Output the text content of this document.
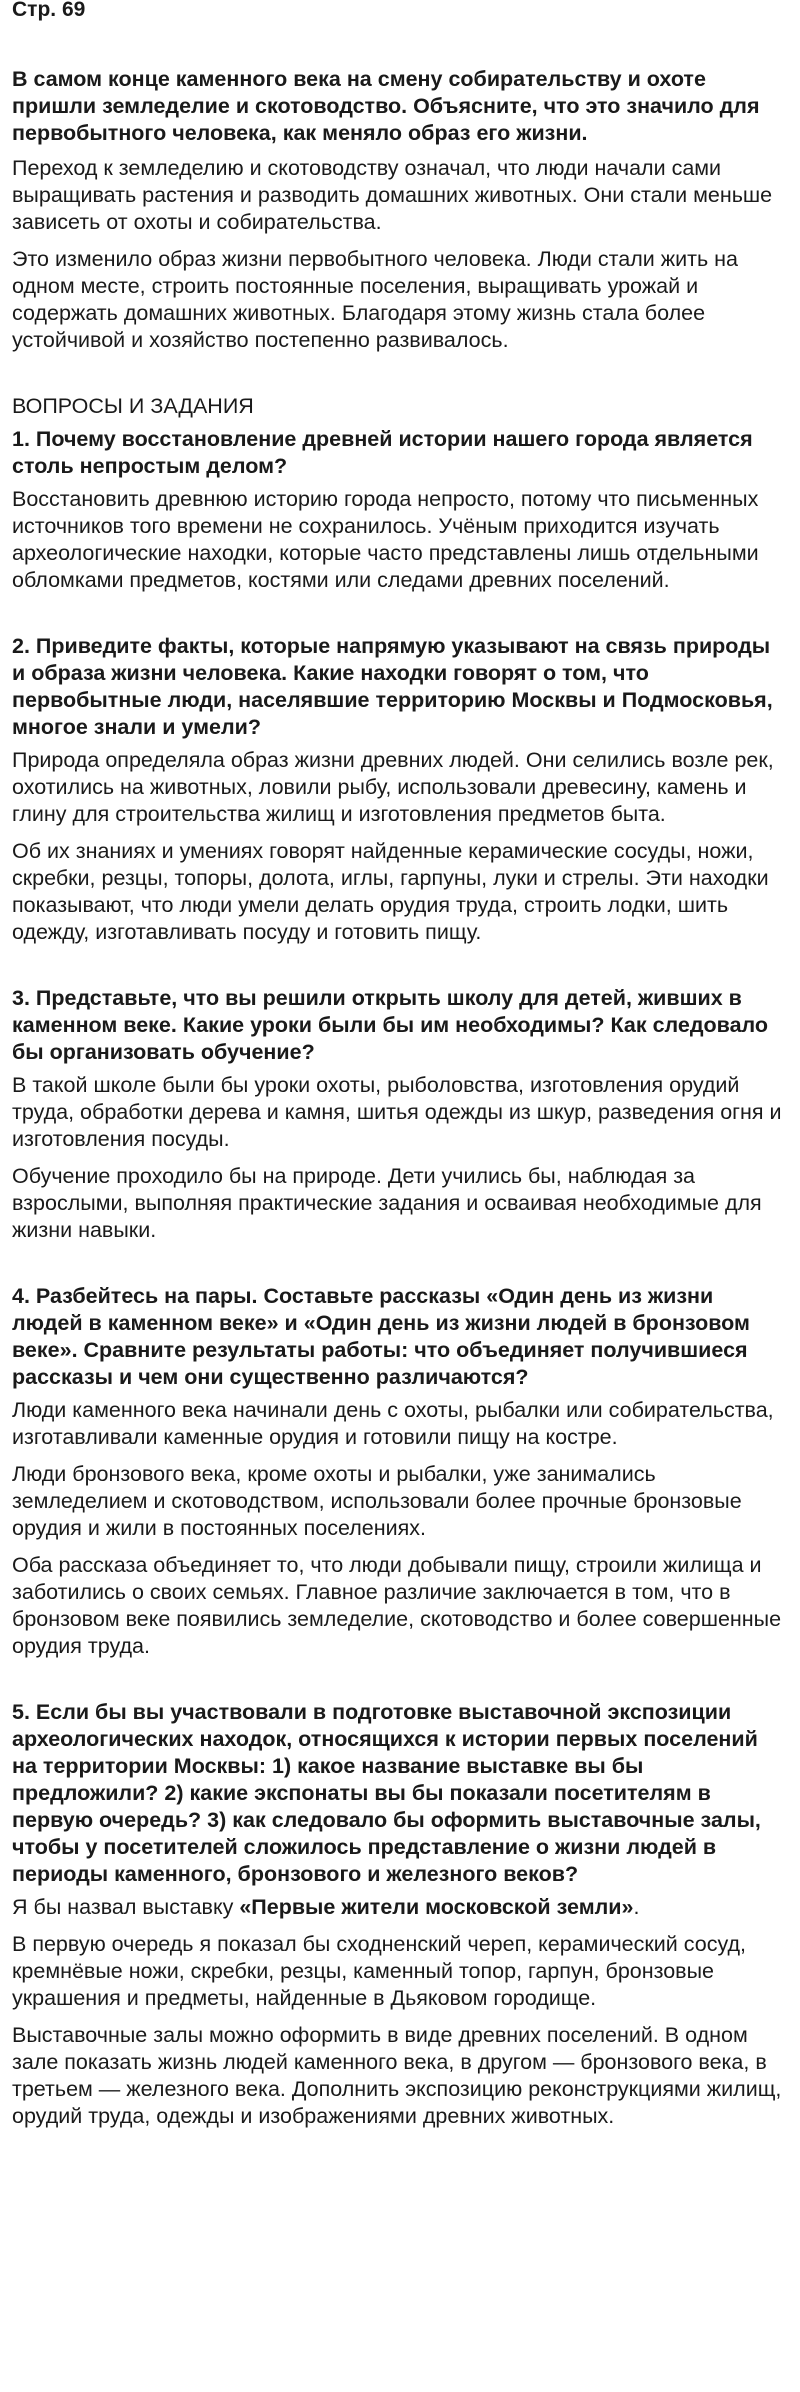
Стр. 69
В самом конце каменного века на смену собирательству и охоте пришли земледелие и скотоводство. Объясните, что это значило для первобытного человека, как меняло образ его жизни.
Переход к земледелию и скотоводству означал, что люди начали сами выращивать растения и разводить домашних животных. Они стали меньше зависеть от охоты и собирательства.
Это изменило образ жизни первобытного человека. Люди стали жить на одном месте, строить постоянные поселения, выращивать урожай и содержать домашних животных. Благодаря этому жизнь стала более устойчивой и хозяйство постепенно развивалось.
ВОПРОСЫ И ЗАДАНИЯ
1. Почему восстановление древней истории нашего города является столь непростым делом?
Восстановить древнюю историю города непросто, потому что письменных источников того времени не сохранилось. Учёным приходится изучать археологические находки, которые часто представлены лишь отдельными обломками предметов, костями или следами древних поселений.
2. Приведите факты, которые напрямую указывают на связь природы и образа жизни человека. Какие находки говорят о том, что первобытные люди, населявшие территорию Москвы и Подмосковья, многое знали и умели?
Природа определяла образ жизни древних людей. Они селились возле рек, охотились на животных, ловили рыбу, использовали древесину, камень и глину для строительства жилищ и изготовления предметов быта.
Об их знаниях и умениях говорят найденные керамические сосуды, ножи, скребки, резцы, топоры, долота, иглы, гарпуны, луки и стрелы. Эти находки показывают, что люди умели делать орудия труда, строить лодки, шить одежду, изготавливать посуду и готовить пищу.
3. Представьте, что вы решили открыть школу для детей, живших в каменном веке. Какие уроки были бы им необходимы? Как следовало бы организовать обучение?
В такой школе были бы уроки охоты, рыболовства, изготовления орудий труда, обработки дерева и камня, шитья одежды из шкур, разведения огня и изготовления посуды.
Обучение проходило бы на природе. Дети учились бы, наблюдая за взрослыми, выполняя практические задания и осваивая необходимые для жизни навыки.
4. Разбейтесь на пары. Составьте рассказы «Один день из жизни людей в каменном веке» и «Один день из жизни людей в бронзовом веке». Сравните результаты работы: что объединяет получившиеся рассказы и чем они существенно различаются?
Люди каменного века начинали день с охоты, рыбалки или собирательства, изготавливали каменные орудия и готовили пищу на костре.
Люди бронзового века, кроме охоты и рыбалки, уже занимались земледелием и скотоводством, использовали более прочные бронзовые орудия и жили в постоянных поселениях.
Оба рассказа объединяет то, что люди добывали пищу, строили жилища и заботились о своих семьях. Главное различие заключается в том, что в бронзовом веке появились земледелие, скотоводство и более совершенные орудия труда.
5. Если бы вы участвовали в подготовке выставочной экспозиции археологических находок, относящихся к истории первых поселений на территории Москвы: 1) какое название выставке вы бы предложили? 2) какие экспонаты вы бы показали посетителям в первую очередь? 3) как следовало бы оформить выставочные залы, чтобы у посетителей сложилось представление о жизни людей в периоды каменного, бронзового и железного веков?
Я бы назвал выставку «Первые жители московской земли».
В первую очередь я показал бы сходненский череп, керамический сосуд, кремнёвые ножи, скребки, резцы, каменный топор, гарпун, бронзовые украшения и предметы, найденные в Дьяковом городище.
Выставочные залы можно оформить в виде древних поселений. В одном зале показать жизнь людей каменного века, в другом — бронзового века, в третьем — железного века. Дополнить экспозицию реконструкциями жилищ, орудий труда, одежды и изображениями древних животных.
